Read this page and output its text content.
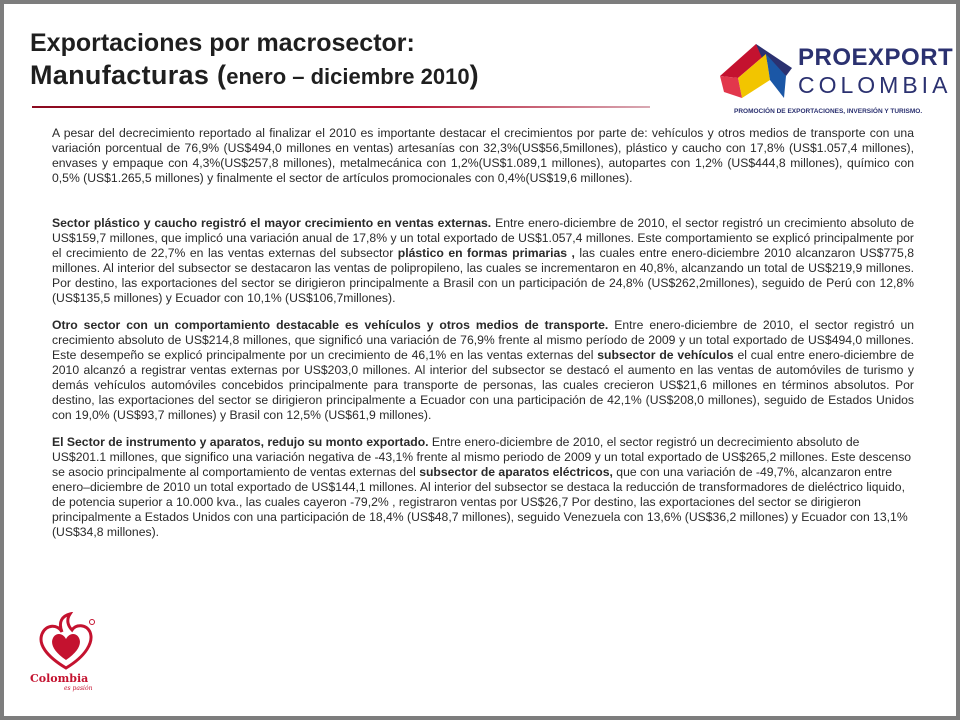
Exportaciones por macrosector:
Manufacturas (enero – diciembre 2010)
PROEXPORT
COLOMBIA
PROMOCIÓN DE EXPORTACIONES, INVERSIÓN Y TURISMO.

A pesar del decrecimiento reportado al finalizar el 2010 es importante destacar el crecimientos por parte de: vehículos y otros medios de transporte con una variación porcentual de 76,9% (US$494,0 millones en ventas) artesanías con 32,3%(US$56,5millones), plástico y caucho con 17,8% (US$1.057,4 millones), envases y empaque con 4,3%(US$257,8 millones), metalmecánica con 1,2%(US$1.089,1 millones), autopartes con 1,2% (US$444,8 millones), químico con 0,5% (US$1.265,5 millones) y finalmente el sector de artículos promocionales con 0,4%(US$19,6 millones).

Sector plástico y caucho registró el mayor crecimiento en ventas externas. Entre enero-diciembre de 2010, el sector registró un crecimiento absoluto de US$159,7 millones, que implicó una variación anual de 17,8% y un total exportado de US$1.057,4 millones. Este comportamiento se explicó principalmente por el crecimiento de 22,7% en las ventas externas del subsector plástico en formas primarias , las cuales entre enero-diciembre 2010 alcanzaron US$775,8 millones. Al interior del subsector se destacaron las ventas de polipropileno, las cuales se incrementaron en 40,8%, alcanzando un total de US$219,9 millones. Por destino, las exportaciones del sector se dirigieron principalmente a Brasil con un participación de 24,8% (US$262,2millones), seguido de Perú con 12,8% (US$135,5 millones) y Ecuador con 10,1% (US$106,7millones).

Otro sector con un comportamiento destacable es vehículos y otros medios de transporte. Entre enero-diciembre de 2010, el sector registró un crecimiento absoluto de US$214,8 millones, que significó una variación de 76,9% frente al mismo período de 2009 y un total exportado de US$494,0 millones. Este desempeño se explicó principalmente por un crecimiento de 46,1% en las ventas externas del subsector de vehículos el cual entre enero-diciembre de 2010 alcanzó a registrar ventas externas por US$203,0 millones. Al interior del subsector se destacó el aumento en las ventas de automóviles de turismo y demás vehículos automóviles concebidos principalmente para transporte de personas, las cuales crecieron US$21,6 millones en términos absolutos. Por destino, las exportaciones del sector se dirigieron principalmente a Ecuador con una participación de 42,1% (US$208,0 millones), seguido de Estados Unidos con 19,0% (US$93,7 millones) y Brasil con 12,5% (US$61,9 millones).

El Sector de instrumento y aparatos, redujo su monto exportado. Entre enero-diciembre de 2010, el sector registró un decrecimiento absoluto de US$201.1 millones, que significo una variación negativa de -43,1% frente al mismo periodo de 2009 y un total exportado de US$265,2 millones. Este descenso se asocio principalmente al comportamiento de ventas externas del subsector de aparatos eléctricos, que con una variación de -49,7%, alcanzaron entre enero–diciembre de 2010 un total exportado de US$144,1 millones. Al interior del subsector se destaca la reducción de transformadores de dieléctrico liquido, de potencia superior a 10.000 kva., las cuales cayeron -79,2% , registraron ventas por US$26,7 Por destino, las exportaciones del sector se dirigieron principalmente a Estados Unidos con una participación de 18,4% (US$48,7 millones), seguido Venezuela con 13,6% (US$36,2 millones) y Ecuador con 13,1% (US$34,8 millones).

Colombia
es pasión
